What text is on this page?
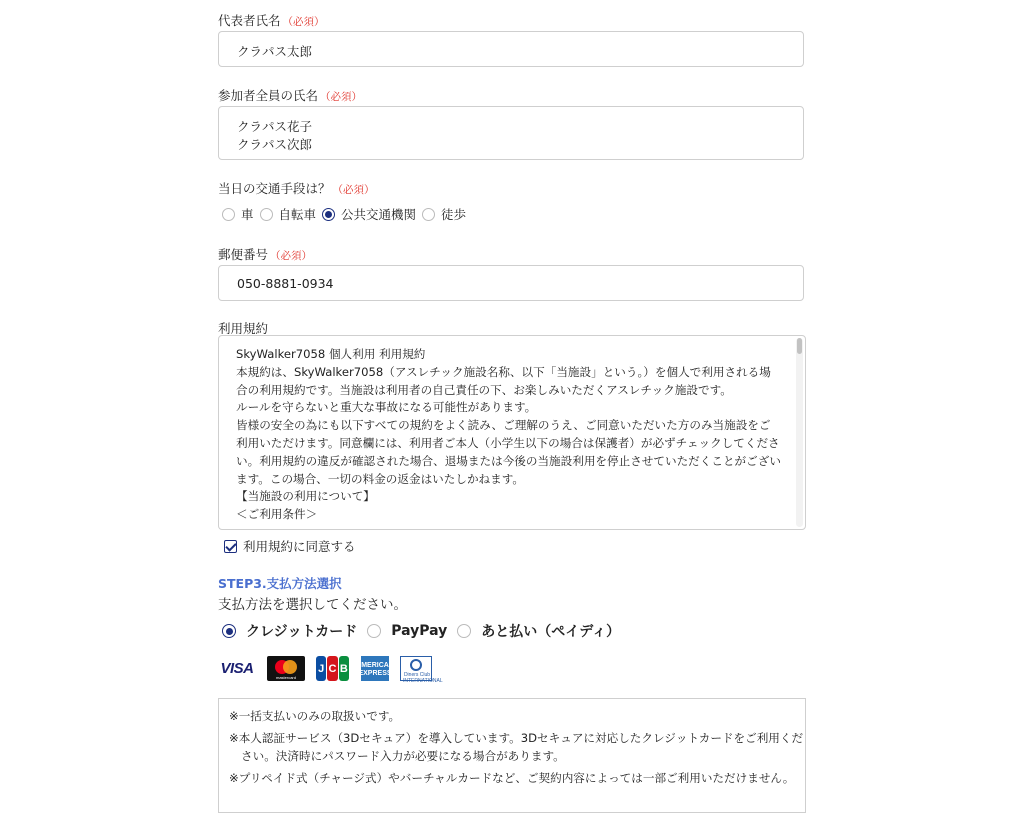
代表者氏名 （必須）
クラパス太郎
参加者全員の氏名 （必須）
クラパス花子
クラパス次郎
当日の交通手段は？ （必須）
車 自転車 公共交通機関 徒歩
郵便番号 （必須）
050-8881-0934
利用規約
SkyWalker7058 個人利用 利用規約
本規約は、SkyWalker7058（アスレチック施設名称、以下「当施設」という。）を個人で利用される場合の利用規約です。当施設は利用者の自己責任の下、お楽しみいただくアスレチック施設です。
ルールを守らないと重大な事故になる可能性があります。
皆様の安全の為にも以下すべての規約をよく読み、ご理解のうえ、ご同意いただいた方のみ当施設をご利用いただけます。同意欄には、利用者ご本人（小学生以下の場合は保護者）が必ずチェックしてください。利用規約の違反が確認された場合、退場または今後の当施設利用を停止させていただくことがございます。この場合、一切の料金の返金はいたしかねます。
【当施設の利用について】
＜ご利用条件＞
利用規約に同意する
STEP3.支払方法選択
支払方法を選択してください。
クレジットカード PayPay あと払い（ペイディ）
VISA
mastercard
J C B AMERICAN EXPRESS Diners Club INTERNATIONAL
※一括支払いのみの取扱いです。
※本人認証サービス（3Dセキュア）を導入しています。3Dセキュアに対応したクレジットカードをご利用ください。決済時にパスワード入力が必要になる場合があります。
※プリペイド式（チャージ式）やバーチャルカードなど、ご契約内容によっては一部ご利用いただけません。
